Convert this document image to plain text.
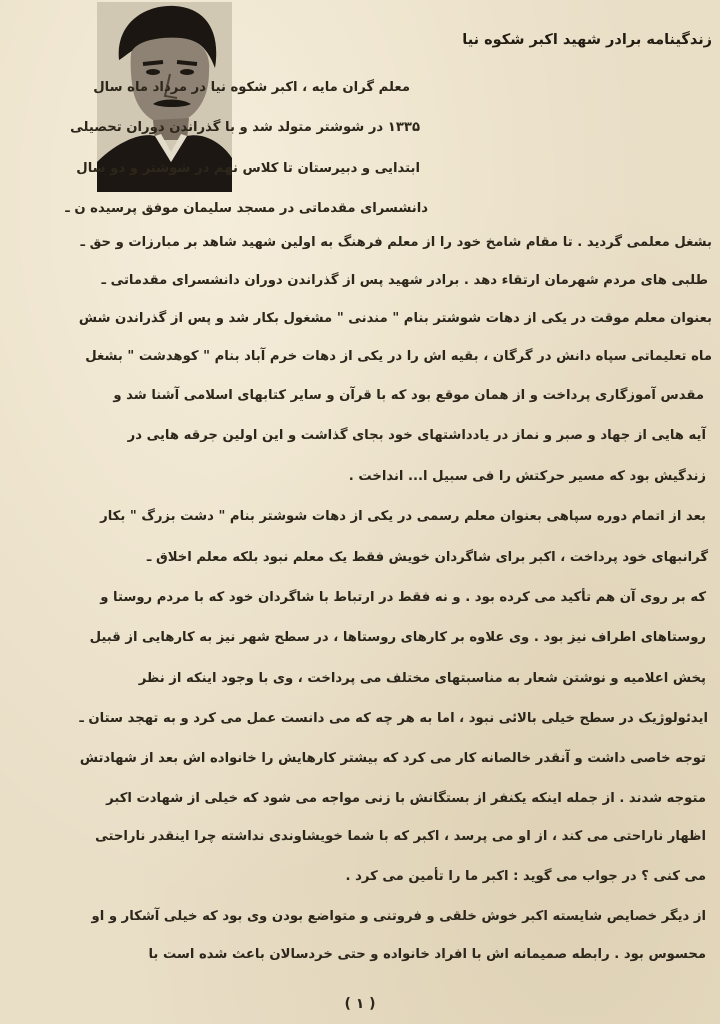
زندگینامه برادر شهید اکبر شکوه نیا
معلم گران مایه ، اکبر شکوه نیا در مرداد ماه سال
۱۳۳۵ در شوشتر متولد شد و با گذراندن دوران تحصیلی
ابتدایی و دبیرستان تا کلاس نهم در شوشتر و دو سال
دانشسرای مقدماتی در مسجد سلیمان موفق پرسیده ن ـ
بشغل معلمی گردید . تا مقام شامخ خود را از معلم فرهنگ به اولین شهید شاهد بر مبارزات و حق ـ
طلبی های مردم شهرمان ارتقاء دهد . برادر شهید پس از گذراندن دوران دانشسرای مقدماتی ـ
بعنوان معلم موقت در یکی از دهات شوشتر بنام " مندنی " مشغول بکار شد و پس از گذراندن شش
ماه تعلیماتی سپاه دانش در گرگان ، بقیه اش را در یکی از دهات خرم آباد بنام " کوهدشت " بشغل
مقدس آموزگاری پرداخت و از همان موقع بود که با قرآن و سایر کتابهای اسلامی آشنا شد و
آیه هایی از جهاد و صبر و نماز در یادداشتهای خود بجای گذاشت و این اولین جرقه هایی در
زندگیش بود که مسیر حرکتش را فی سبیل ا... انداخت .
بعد از اتمام دوره سپاهی بعنوان معلم رسمی در یکی از دهات شوشتر بنام " دشت بزرگ " بکار
گرانبهای خود پرداخت ، اکبر برای شاگردان خویش فقط یک معلم نبود بلکه معلم اخلاق ـ
که بر روی آن هم تأکید می کرده بود . و نه فقط در ارتباط با شاگردان خود که با مردم روستا و
روستاهای اطراف نیز بود . وی علاوه بر کارهای روستاها ، در سطح شهر نیز به کارهایی از قبیل
پخش اعلامیه و نوشتن شعار به مناسبتهای مختلف می پرداخت ، وی با وجود اینکه از نظر
ایدئولوژیک در سطح خیلی بالائی نبود ، اما به هر چه که می دانست عمل می کرد و به تهجد ستان ـ
توجه خاصی داشت و آنقدر خالصانه کار می کرد که بیشتر کارهایش را خانواده اش بعد از شهادتش
متوجه شدند . از جمله اینکه یکنفر از بستگانش با زنی مواجه می شود که خیلی از شهادت اکبر
اظهار ناراحتی می کند ، از او می پرسد ، اکبر که با شما خویشاوندی نداشته چرا اینقدر ناراحتی
می کنی ؟ در جواب می گوید : اکبر ما را تأمین می کرد .
از دیگر خصایص شایسته اکبر خوش خلقی و فروتنی و متواضع بودن وی بود که خیلی آشکار و او
محسوس بود . رابطه صمیمانه اش با افراد خانواده و حتی خردسالان باعث شده است با
( ۱ )
